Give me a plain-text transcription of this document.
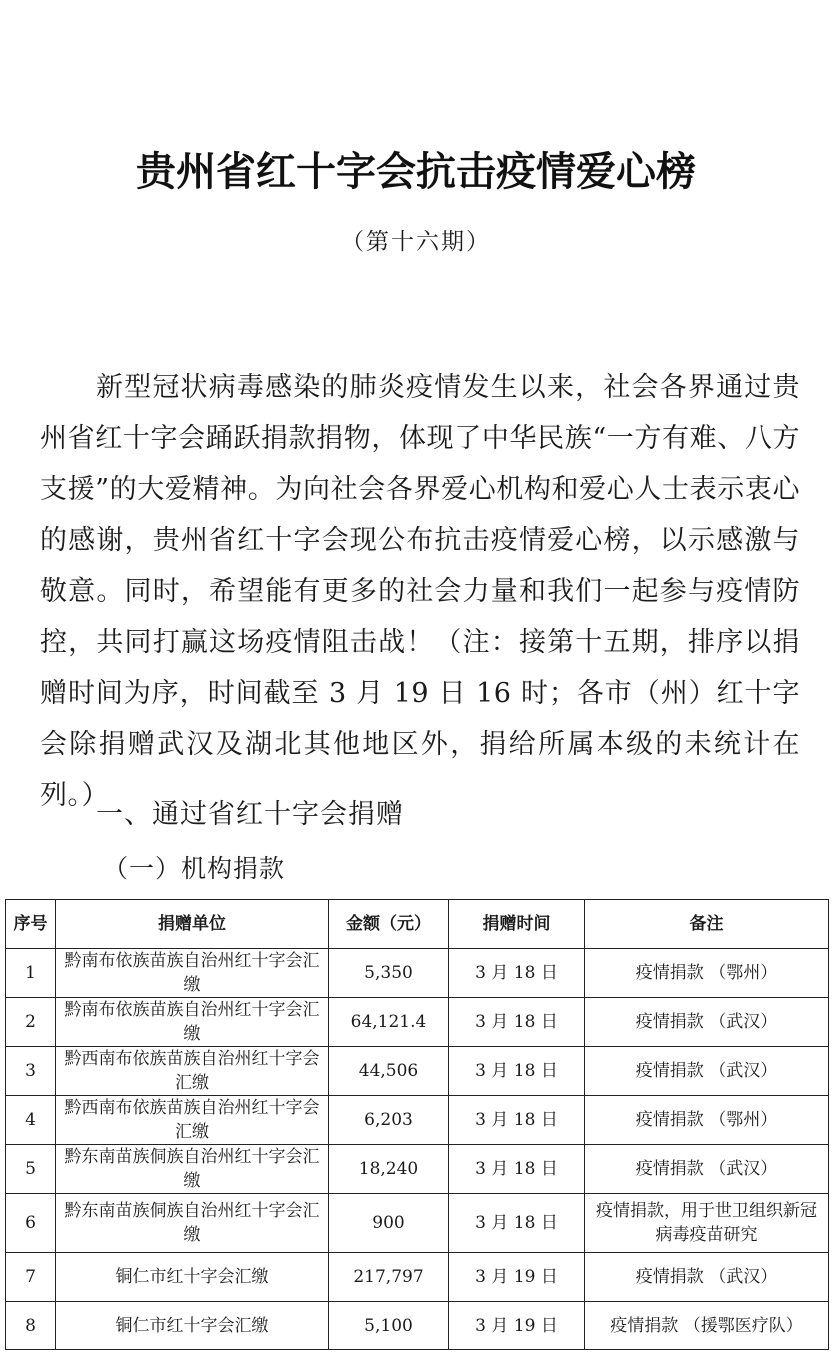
贵州省红十字会抗击疫情爱心榜
（第十六期）

新型冠状病毒感染的肺炎疫情发生以来，社会各界通过贵州省红十字会踊跃捐款捐物，体现了中华民族“一方有难、八方支援”的大爱精神。为向社会各界爱心机构和爱心人士表示衷心的感谢，贵州省红十字会现公布抗击疫情爱心榜，以示感激与敬意。同时，希望能有更多的社会力量和我们一起参与疫情防控，共同打赢这场疫情阻击战！（注：接第十五期，排序以捐赠时间为序，时间截至 3 月 19 日 16 时；各市（州）红十字会除捐赠武汉及湖北其他地区外，捐给所属本级的未统计在列。）

一、通过省红十字会捐赠
（一）机构捐款
序号	捐赠单位	金额（元）	捐赠时间	备注
1	黔南布依族苗族自治州红十字会汇缴	5,350	3 月 18 日	疫情捐款 （鄂州）
2	黔南布依族苗族自治州红十字会汇缴	64,121.4	3 月 18 日	疫情捐款 （武汉）
3	黔西南布依族苗族自治州红十字会汇缴	44,506	3 月 18 日	疫情捐款 （武汉）
4	黔西南布依族苗族自治州红十字会汇缴	6,203	3 月 18 日	疫情捐款 （鄂州）
5	黔东南苗族侗族自治州红十字会汇缴	18,240	3 月 18 日	疫情捐款 （武汉）
6	黔东南苗族侗族自治州红十字会汇缴	900	3 月 18 日	疫情捐款，用于世卫组织新冠病毒疫苗研究
7	铜仁市红十字会汇缴	217,797	3 月 19 日	疫情捐款 （武汉）
8	铜仁市红十字会汇缴	5,100	3 月 19 日	疫情捐款 （援鄂医疗队）
